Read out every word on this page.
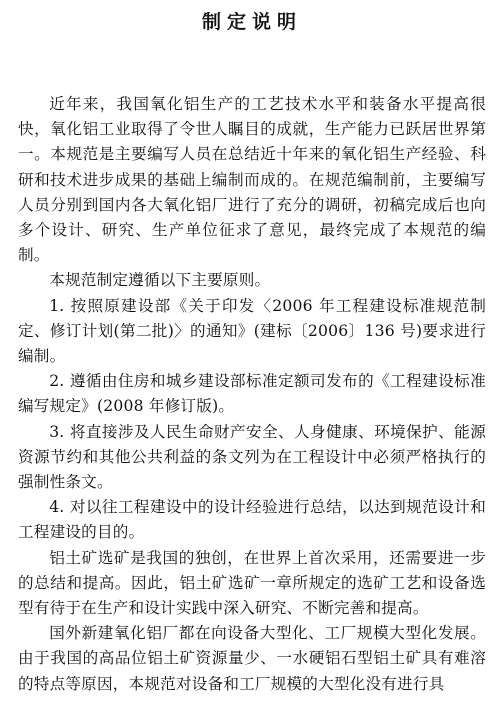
制定说明

近年来，我国氧化铝生产的工艺技术水平和装备水平提高很快，氧化铝工业取得了令世人瞩目的成就，生产能力已跃居世界第一。本规范是主要编写人员在总结近十年来的氧化铝生产经验、科研和技术进步成果的基础上编制而成的。在规范编制前，主要编写人员分别到国内各大氧化铝厂进行了充分的调研，初稿完成后也向多个设计、研究、生产单位征求了意见，最终完成了本规范的编制。

本规范制定遵循以下主要原则。

1. 按照原建设部《关于印发〈2006 年工程建设标准规范制定、修订计划(第二批)〉的通知》(建标〔2006〕136 号)要求进行编制。

2. 遵循由住房和城乡建设部标准定额司发布的《工程建设标准编写规定》(2008 年修订版)。

3. 将直接涉及人民生命财产安全、人身健康、环境保护、能源资源节约和其他公共利益的条文列为在工程设计中必须严格执行的强制性条文。

4. 对以往工程建设中的设计经验进行总结，以达到规范设计和工程建设的目的。

铝土矿选矿是我国的独创，在世界上首次采用，还需要进一步的总结和提高。因此，铝土矿选矿一章所规定的选矿工艺和设备选型有待于在生产和设计实践中深入研究、不断完善和提高。

国外新建氧化铝厂都在向设备大型化、工厂规模大型化发展。由于我国的高品位铝土矿资源量少、一水硬铝石型铝土矿具有难溶的特点等原因，本规范对设备和工厂规模的大型化没有进行具
